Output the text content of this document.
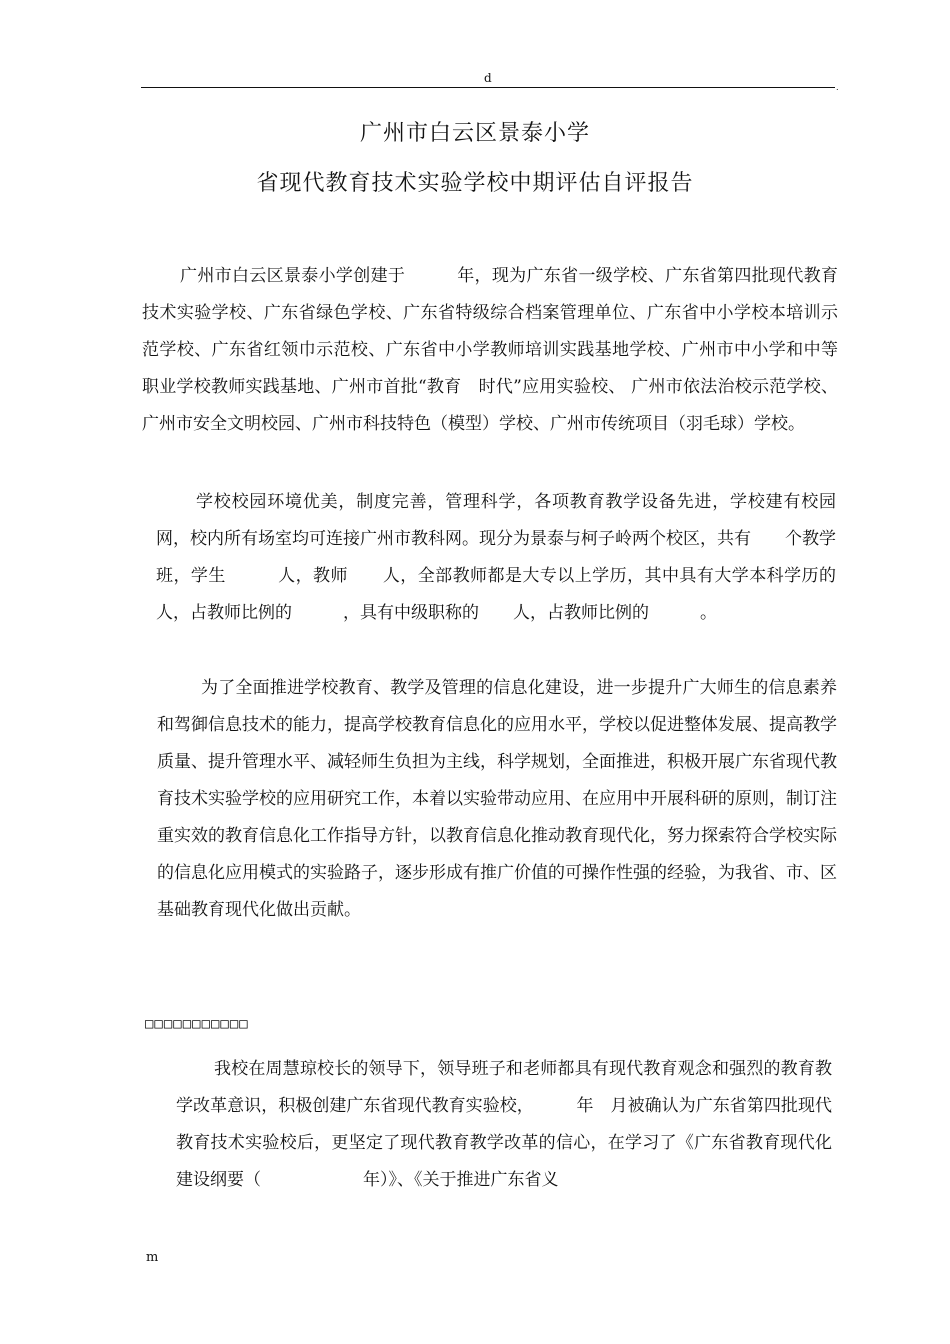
d
.
广州市白云区景泰小学
省现代教育技术实验学校中期评估自评报告

广州市白云区景泰小学创建于　　　年，现为广东省一级学校、广东省第四批现代教育技术实验学校、广东省绿色学校、广东省特级综合档案管理单位、广东省中小学校本培训示范学校、广东省红领巾示范校、广东省中小学教师培训实践基地学校、广州市中小学和中等职业学校教师实践基地、广州市首批“教育　时代”应用实验校、 广州市依法治校示范学校、广州市安全文明校园、广州市科技特色（模型）学校、广州市传统项目（羽毛球）学校。

学校校园环境优美，制度完善，管理科学，各项教育教学设备先进，学校建有校园网，校内所有场室均可连接广州市教科网。现分为景泰与柯子岭两个校区，共有　　个教学班，学生　　　人，教师　　人，全部教师都是大专以上学历，其中具有大学本科学历的　　人，占教师比例的　　　，具有中级职称的　　人，占教师比例的　　　。

为了全面推进学校教育、教学及管理的信息化建设，进一步提升广大师生的信息素养和驾御信息技术的能力，提高学校教育信息化的应用水平，学校以促进整体发展、提高教学质量、提升管理水平、减轻师生负担为主线，科学规划，全面推进，积极开展广东省现代教育技术实验学校的应用研究工作，本着以实验带动应用、在应用中开展科研的原则，制订注重实效的教育信息化工作指导方针，以教育信息化推动教育现代化，努力探索符合学校实际的信息化应用模式的实验路子，逐步形成有推广价值的可操作性强的经验，为我省、市、区基础教育现代化做出贡献。

□□□□□□□□□□□

我校在周慧琼校长的领导下，领导班子和老师都具有现代教育观念和强烈的教育教学改革意识，积极创建广东省现代教育实验校，　　　年　月被确认为广东省第四批现代教育技术实验校后，更坚定了现代教育教学改革的信心，在学习了《广东省教育现代化建设纲要（　　　　　　年）》、《关于推进广东省义

m
